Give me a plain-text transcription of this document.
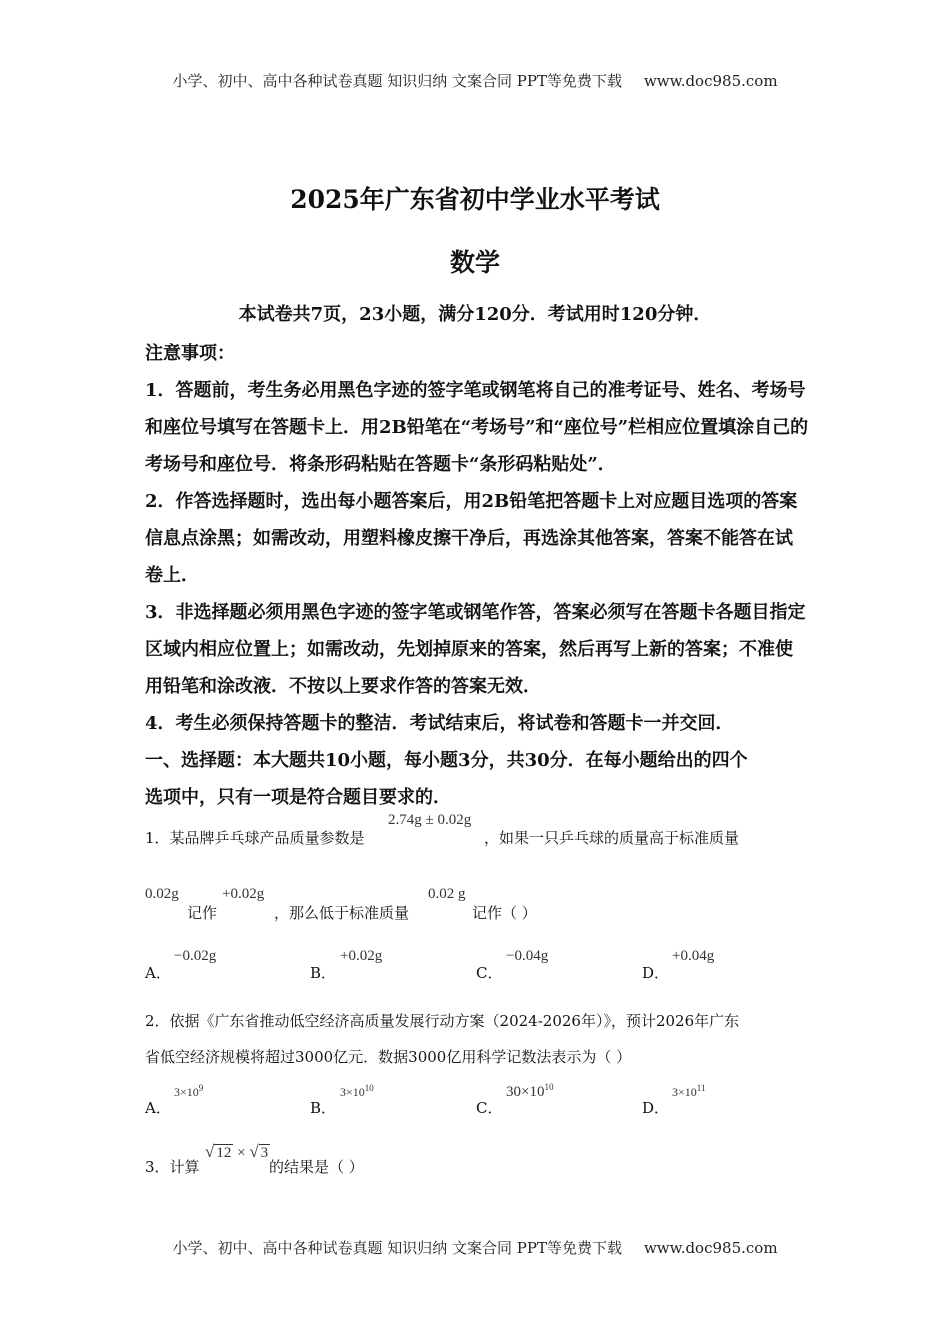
小学、初中、高中各种试卷真题 知识归纳 文案合同 PPT等免费下载 www.doc985.com
2025年广东省初中学业水平考试
数学
本试卷共7页，23小题，满分120分．考试用时120分钟．

注意事项：

1．答题前，考生务必用黑色字迹的签字笔或钢笔将自己的准考证号、姓名、考场号和座位号填写在答题卡上．用2B铅笔在“考场号”和“座位号”栏相应位置填涂自己的考场号和座位号．将条形码粘贴在答题卡“条形码粘贴处”．

2．作答选择题时，选出每小题答案后，用2B铅笔把答题卡上对应题目选项的答案信息点涂黑；如需改动，用塑料橡皮擦干净后，再选涂其他答案，答案不能答在试卷上．

3．非选择题必须用黑色字迹的签字笔或钢笔作答，答案必须写在答题卡各题目指定区域内相应位置上；如需改动，先划掉原来的答案，然后再写上新的答案；不准使用铅笔和涂改液．不按以上要求作答的答案无效．

4．考生必须保持答题卡的整洁．考试结束后，将试卷和答题卡一并交回．

一、选择题：本大题共10小题，每小题3分，共30分．在每小题给出的四个

选项中，只有一项是符合题目要求的．

1．某品牌乒乓球产品质量参数是
2.74g ± 0.02g
，如果一只乒乓球的质量高于标准质量
0.02g
记作
+0.02g
，那么低于标准质量
0.02 g
记作（ ）
A．
−0.02g
B．
+0.02g
C．
−0.04g
D．
+0.04g
2．依据《广东省推动低空经济高质量发展行动方案（2024-2026年）》，预计2026年广东
省低空经济规模将超过3000亿元．数据3000亿用科学记数法表示为（ ）
A．
$3\times 10^9$
B．
$3\times 10^{10}$
C．
$30\times 10^{10}$
D．
$3\times 10^{11}$
3．计算
√ 12 × √ 3
的结果是（ ）
小学、初中、高中各种试卷真题 知识归纳 文案合同 PPT等免费下载 www.doc985.com
